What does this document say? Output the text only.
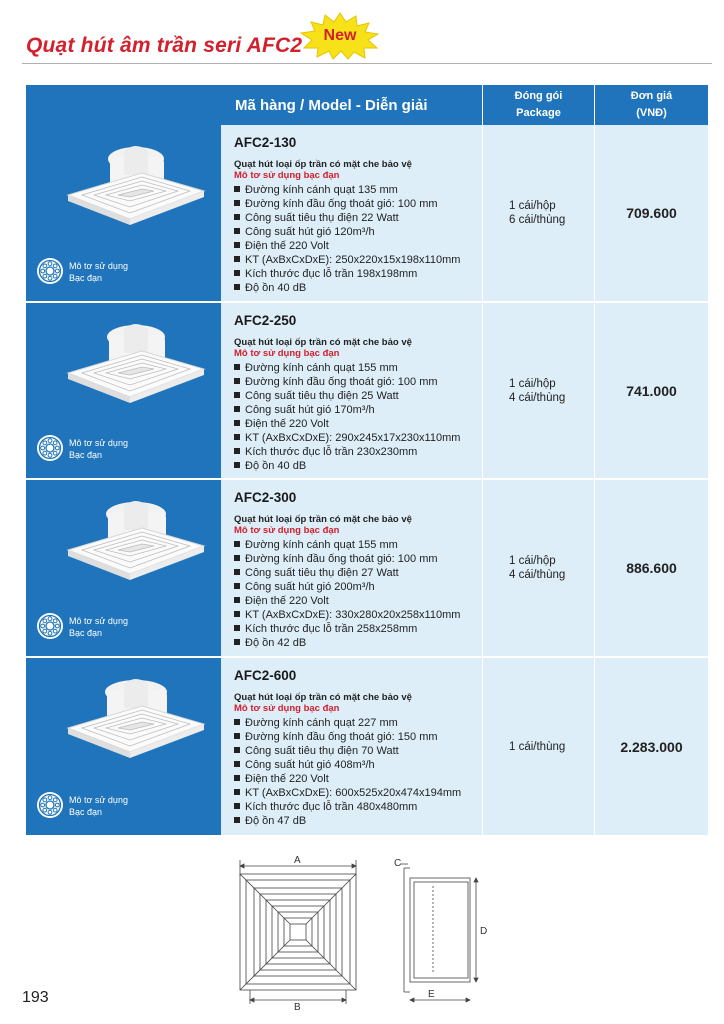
Quạt hút âm trần seri AFC2	New
Mã hàng / Model - Diễn giải
Đóng gói
Package
Đơn giá
(VNĐ)
Mô tơ sử dụng
Bạc đạn
AFC2-130
Quạt hút loại ốp trần có mặt che bảo vệ
Mô tơ sử dụng bạc đạn
Đường kính cánh quạt 135 mm
Đường kính đầu ống thoát gió: 100 mm
Công suất tiêu thụ điện 22 Watt
Công suất hút gió 120m³/h
Điện thế 220 Volt
KT (AxBxCxDxE): 250x220x15x198x110mm
Kích thước đục lỗ trần 198x198mm
Độ ồn 40 dB
1 cái/hộp
6 cái/thùng	709.600
Mô tơ sử dụng
Bạc đạn
AFC2-250
Quạt hút loại ốp trần có mặt che bảo vệ
Mô tơ sử dụng bạc đạn
Đường kính cánh quạt 155 mm
Đường kính đầu ống thoát gió: 100 mm
Công suất tiêu thụ điện 25 Watt
Công suất hút gió 170m³/h
Điện thế 220 Volt
KT (AxBxCxDxE): 290x245x17x230x110mm
Kích thước đục lỗ trần 230x230mm
Độ ồn 40 dB
1 cái/hộp
4 cái/thùng	741.000
Mô tơ sử dụng
Bạc đạn
AFC2-300
Quạt hút loại ốp trần có mặt che bảo vệ
Mô tơ sử dụng bạc đạn
Đường kính cánh quạt 155 mm
Đường kính đầu ống thoát gió: 100 mm
Công suất tiêu thụ điện 27 Watt
Công suất hút gió 200m³/h
Điện thế 220 Volt
KT (AxBxCxDxE): 330x280x20x258x110mm
Kích thước đục lỗ trần 258x258mm
Độ ồn 42 dB
1 cái/hộp
4 cái/thùng	886.600
Mô tơ sử dụng
Bạc đạn
AFC2-600
Quạt hút loại ốp trần có mặt che bảo vệ
Mô tơ sử dụng bạc đạn
Đường kính cánh quạt 227 mm
Đường kính đầu ống thoát gió: 150 mm
Công suất tiêu thụ điện 70 Watt
Công suất hút gió 408m³/h
Điện thế 220 Volt
KT (AxBxCxDxE): 600x525x20x474x194mm
Kích thước đục lỗ trần 480x480mm
Độ ồn 47 dB
1 cái/thùng	2.283.000
A
B
C
D
E
193
